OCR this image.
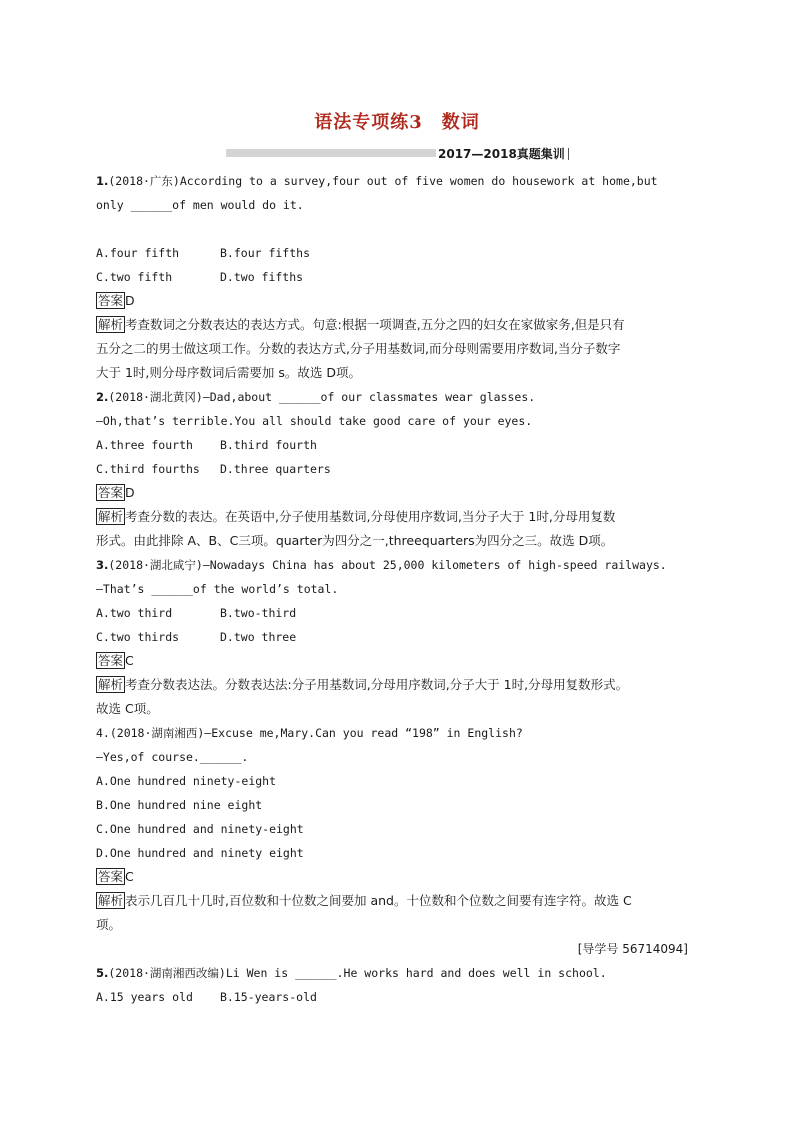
语法专项练3　数词
2017—2018真题集训
1.(2018·广东)According to a survey,four out of five women do housework at home,but
only ______of men would do it.
A.four fifth	B.four fifths
C.two fifth	D.two fifths
答案 D
解析 考查数词之分数表达的表达方式。句意:根据一项调查,五分之四的妇女在家做家务,但是只有
五分之二的男士做这项工作。分数的表达方式,分子用基数词,而分母则需要用序数词,当分子数字
大于 1时,则分母序数词后需要加 s。故选 D项。
2.(2018·湖北黄冈)—Dad,about ______of our classmates wear glasses.
—Oh,that’s terrible.You all should take good care of your eyes.
A.three fourth B.third fourth
C.third fourths D.three quarters
答案 D
解析 考查分数的表达。在英语中,分子使用基数词,分母使用序数词,当分子大于 1时,分母用复数
形式。由此排除 A、B、C三项。quarter为四分之一,threequarters为四分之三。故选 D项。
3.(2018·湖北咸宁)—Nowadays China has about 25,000 kilometers of high-speed railways.
—That’s ______of the world’s total.
A.two third	B.two-third
C.two thirds	D.two three
答案 C
解析 考查分数表达法。分数表达法:分子用基数词,分母用序数词,分子大于 1时,分母用复数形式。
故选 C项。
4.(2018·湖南湘西)—Excuse me,Mary.Can you read “198” in English?
—Yes,of course.______.
A.One hundred ninety-eight
B.One hundred nine eight
C.One hundred and ninety-eight
D.One hundred and ninety eight
答案 C
解析 表示几百几十几时,百位数和十位数之间要加 and。十位数和个位数之间要有连字符。故选 C
项。
[导学号 56714094]
5.(2018·湖南湘西改编)Li Wen is ______.He works hard and does well in school.
A.15 years old B.15-years-old
